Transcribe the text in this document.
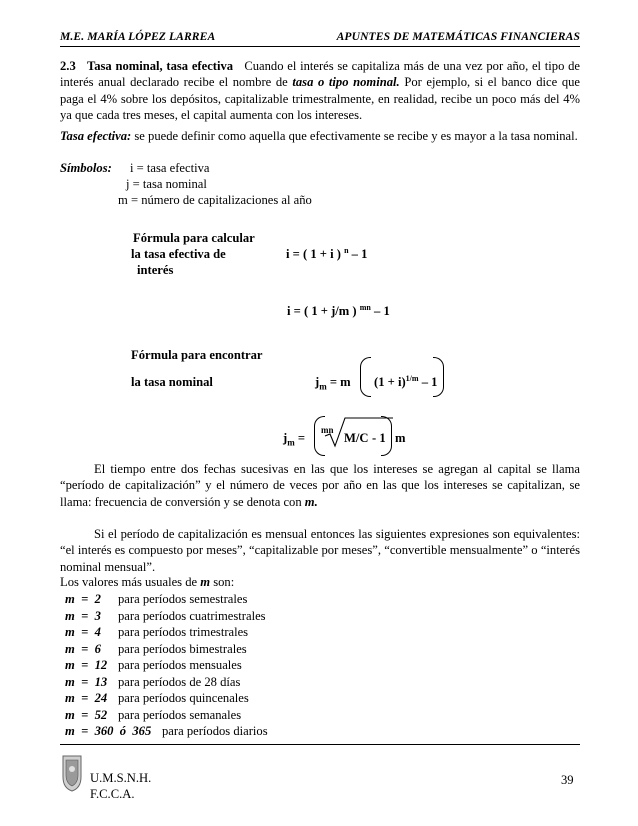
M.E. MARÍA LÓPEZ LARREA	APUNTES DE MATEMÁTICAS FINANCIERAS
2.3 Tasa nominal, tasa efectiva Cuando el interés se capitaliza más de una vez por año, el tipo de interés anual declarado recibe el nombre de tasa o tipo nominal. Por ejemplo, si el banco dice que paga el 4% sobre los depósitos, capitalizable trimestralmente, en realidad, recibe un poco más del 4% ya que cada tres meses, el capital aumenta con los intereses.
Tasa efectiva: se puede definir como aquella que efectivamente se recibe y es mayor a la tasa nominal.
Símbolos: i = tasa efectiva
j = tasa nominal
m = número de capitalizaciones al año
Fórmula para calcular
la tasa efectiva de
interés
i = ( 1 + i ) $^n$ – 1
i = ( 1 + j/m ) $^{mn}$ – 1
Fórmula para encontrar
la tasa nominal	$j_m = m$ $(1 + i)^{1/m} - 1$
$j_m$ =
mn
M/C - 1 m
El tiempo entre dos fechas sucesivas en las que los intereses se agregan al capital se llama “período de capitalización” y el número de veces por año en las que los intereses se capitalizan, se llama: frecuencia de conversión y se denota con m.
Si el período de capitalización es mensual entonces las siguientes expresiones son equivalentes: “el interés es compuesto por meses”, “capitalizable por meses”, “convertible mensualmente” o “interés nominal mensual”.
Los valores más usuales de m son:
m  =  2 para períodos semestrales
m  =  3 para períodos cuatrimestrales
m  =  4 para períodos trimestrales
m  =  6 para períodos bimestrales
m  =  12 para períodos mensuales
m  =  13 para períodos de 28 días
m  =  24 para períodos quincenales
m  =  52 para períodos semanales
m  =  360  ó  365 para períodos diarios
U.M.S.N.H.
F.C.C.A.
39
